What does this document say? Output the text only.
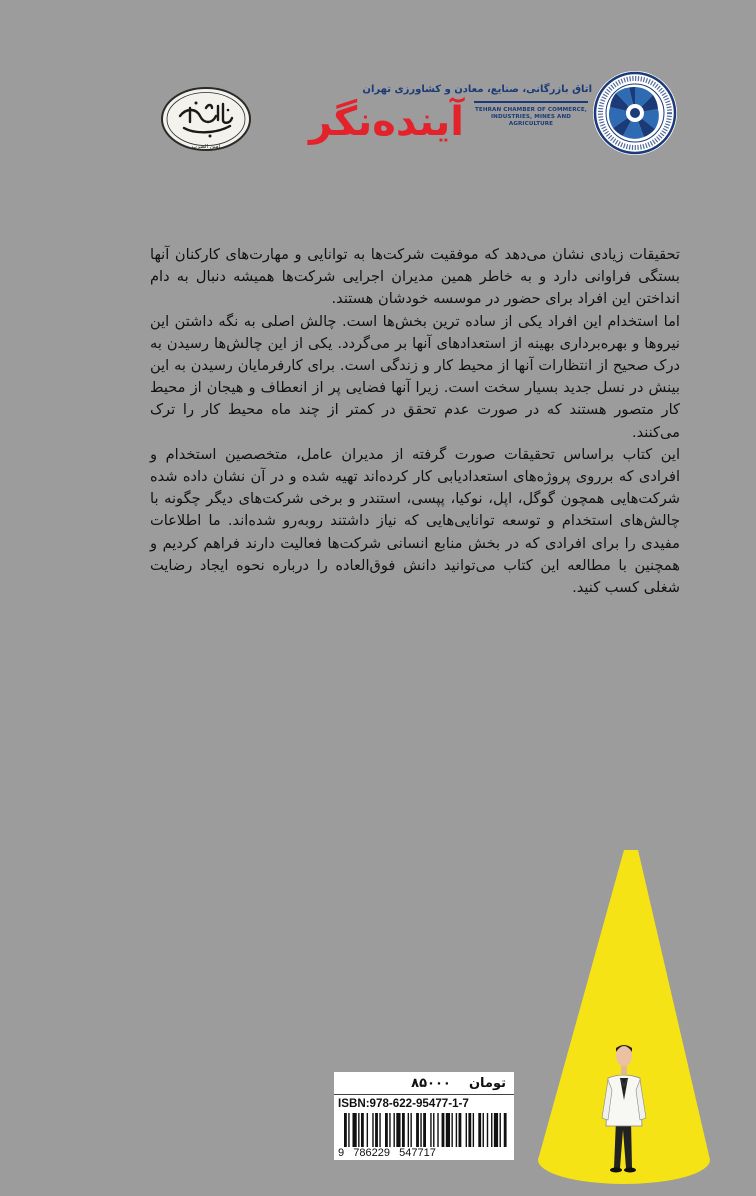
اتاق بازرگانی، صنایع، معادن و کشاورزی تهران
TEHRAN CHAMBER OF COMMERCE,
INDUSTRIES, MINES AND AGRICULTURE
آینده‌نگر
امین الضرب

تحقیقات زیادی نشان می‌دهد که موفقیت شرکت‌ها به توانایی و مهارت‌های کارکنان آنها بستگی فراوانی دارد و به خاطر همین مدیران اجرایی شرکت‌ها همیشه دنبال به دام انداختن این افراد برای حضور در موسسه خودشان هستند.

اما استخدام این افراد یکی از ساده ترین بخش‌ها است. چالش اصلی به نگه داشتن این نیروها و بهره‌برداری بهینه از استعدادهای آنها بر می‌گردد. یکی از این چالش‌ها رسیدن به درک صحیح از انتظارات آنها از محیط کار و زندگی است. برای کارفرمایان رسیدن به این بینش در نسل جدید بسیار سخت است. زیرا آنها فضایی پر از انعطاف و هیجان از محیط کار متصور هستند که در صورت عدم تحقق در کمتر از چند ماه محیط کار را ترک می‌کنند.

این کتاب براساس تحقیقات صورت گرفته از مدیران عامل، متخصصین استخدام و افرادی که برروی پروژه‌های استعدادیابی کار کرده‌اند تهیه شده و در آن نشان داده شده شرکت‌هایی همچون گوگل، اپل، نوکیا، پپسی، استندر و برخی شرکت‌های دیگر چگونه با چالش‌های استخدام و توسعه توانایی‌هایی که نیاز داشتند روبه‌رو شده‌اند. ما اطلاعات مفیدی را برای افرادی که در بخش منابع انسانی شرکت‌ها فعالیت دارند فراهم کردیم و همچنین با مطالعه این کتاب می‌توانید دانش فوق‌العاده را درباره نحوه ایجاد رضایت شغلی کسب کنید.

تومان    ۸۵۰۰۰
ISBN:978-622-95477-1-7
9   786229   547717
